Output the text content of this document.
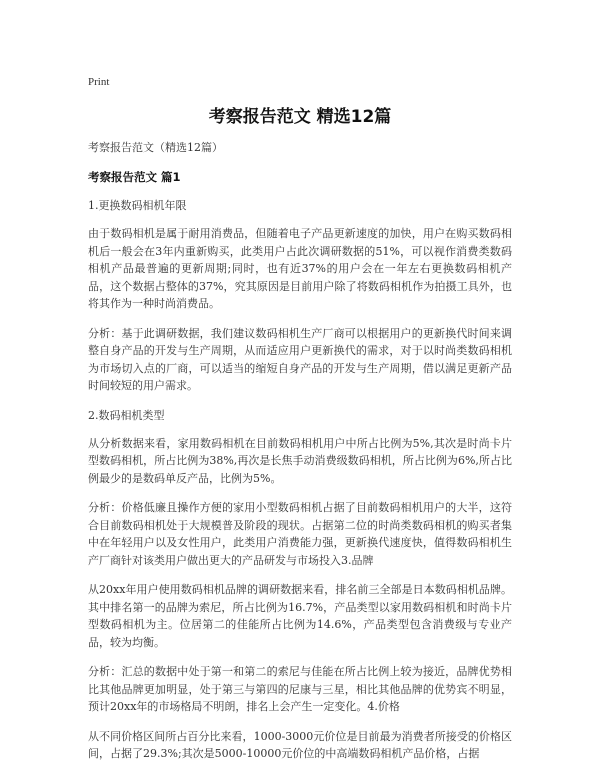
Print
考察报告范文 精选12篇
考察报告范文（精选12篇）
考察报告范文 篇1
1.更换数码相机年限

由于数码相机是属于耐用消费品，但随着电子产品更新速度的加快，用户在购买数码相机后一般会在3年内重新购买，此类用户占此次调研数据的51%，可以视作消费类数码相机产品最普遍的更新周期;同时，也有近37%的用户会在一年左右更换数码相机产品，这个数据占整体的37%，究其原因是目前用户除了将数码相机作为拍摄工具外，也将其作为一种时尚消费品。

分析：基于此调研数据，我们建议数码相机生产厂商可以根据用户的更新换代时间来调整自身产品的开发与生产周期，从而适应用户更新换代的需求，对于以时尚类数码相机为市场切入点的厂商，可以适当的缩短自身产品的开发与生产周期，借以满足更新产品时间较短的用户需求。

2.数码相机类型

从分析数据来看，家用数码相机在目前数码相机用户中所占比例为5%,其次是时尚卡片型数码相机，所占比例为38%,再次是长焦手动消费级数码相机，所占比例为6%,所占比例最少的是数码单反产品，比例为5%。

分析：价格低廉且操作方便的家用小型数码相机占据了目前数码相机用户的大半，这符合目前数码相机处于大规模普及阶段的现状。占据第二位的时尚类数码相机的购买者集中在年轻用户以及女性用户，此类用户消费能力强，更新换代速度快，值得数码相机生产厂商针对该类用户做出更大的产品研发与市场投入3.品牌

从20xx年用户使用数码相机品牌的调研数据来看，排名前三全部是日本数码相机品牌。其中排名第一的品牌为索尼，所占比例为16.7%，产品类型以家用数码相机和时尚卡片型数码相机为主。位居第二的佳能所占比例为14.6%，产品类型包含消费级与专业产品，较为均衡。

分析：汇总的数据中处于第一和第二的索尼与佳能在所占比例上较为接近，品牌优势相比其他品牌更加明显，处于第三与第四的尼康与三星，相比其他品牌的优势宾不明显，预计20xx年的市场格局不明朗，排名上会产生一定变化。4.价格

从不同价格区间所占百分比来看，1000-3000元价位是目前最为消费者所接受的价格区间，占据了29.3%;其次是5000-10000元价位的中高端数码相机产品价格，占据
